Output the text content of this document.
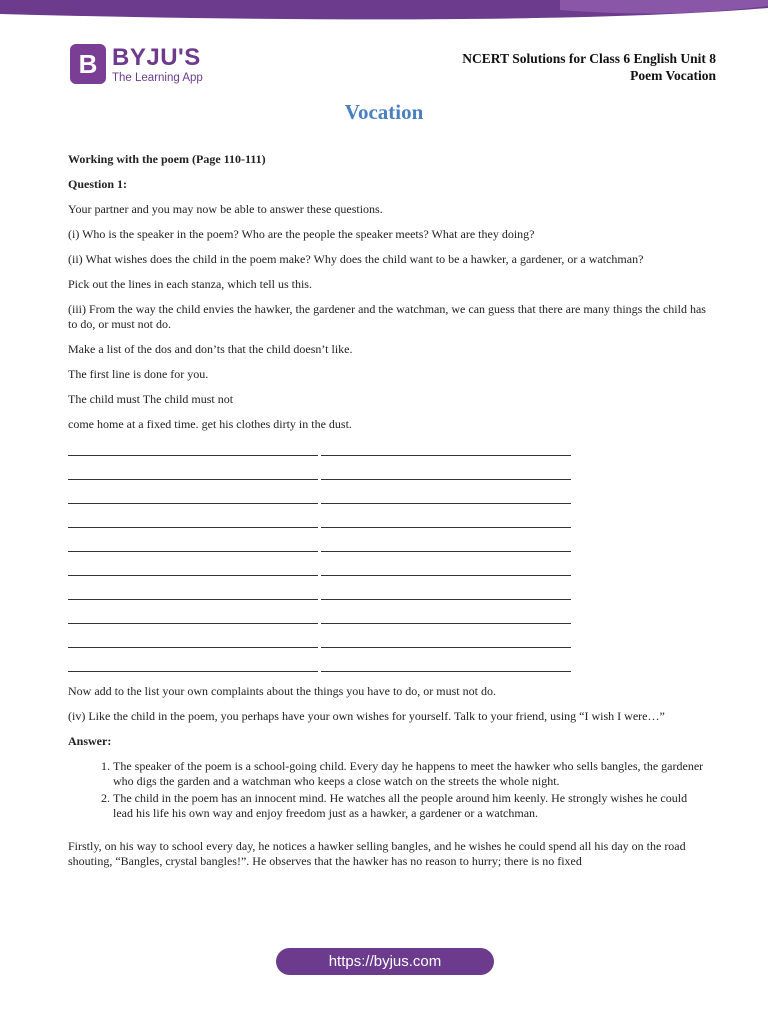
B BYJU'S
The Learning App
NCERT Solutions for Class 6 English Unit 8
Poem Vocation
Vocation

Working with the poem (Page 110-111)

Question 1:

Your partner and you may now be able to answer these questions.

(i) Who is the speaker in the poem? Who are the people the speaker meets? What are they doing?

(ii) What wishes does the child in the poem make? Why does the child want to be a hawker, a gardener, or a watchman?

Pick out the lines in each stanza, which tell us this.

(iii) From the way the child envies the hawker, the gardener and the watchman, we can guess that there are many things the child has to do, or must not do.

Make a list of the dos and don’ts that the child doesn’t like.

The first line is done for you.

The child must The child must not

come home at a fixed time. get his clothes dirty in the dust.

Now add to the list your own complaints about the things you have to do, or must not do.

(iv) Like the child in the poem, you perhaps have your own wishes for yourself. Talk to your friend, using “I wish I were…”

Answer:

1. The speaker of the poem is a school-going child. Every day he happens to meet the hawker who sells bangles, the gardener who digs the garden and a watchman who keeps a close watch on the streets the whole night.
2. The child in the poem has an innocent mind. He watches all the people around him keenly. He strongly wishes he could lead his life his own way and enjoy freedom just as a hawker, a gardener or a watchman.

Firstly, on his way to school every day, he notices a hawker selling bangles, and he wishes he could spend all his day on the road shouting, “Bangles, crystal bangles!”. He observes that the hawker has no reason to hurry; there is no fixed

https://byjus.com
